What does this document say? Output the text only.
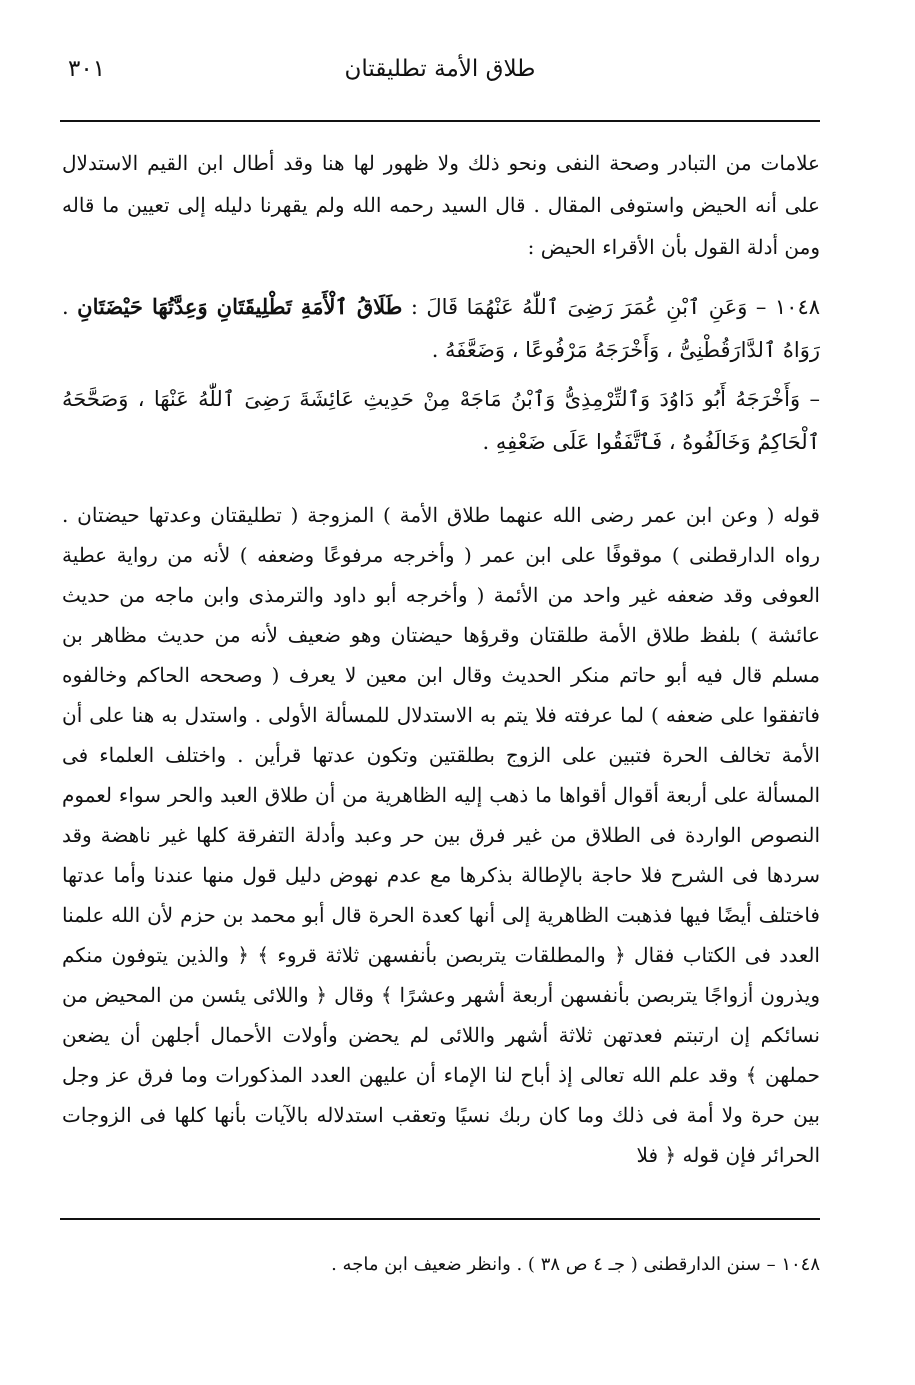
طلاق الأمة تطليقتان
٣٠١

علامات من التبادر وصحة النفى ونحو ذلك ولا ظهور لها هنا وقد أطال ابن القيم الاستدلال على أنه الحيض واستوفى المقال . قال السيد رحمه الله ولم يقهرنا دليله إلى تعيين ما قاله ومن أدلة القول بأن الأقراء الحيض :

١٠٤٨ – وَعَنِ ٱبْنِ عُمَرَ رَضِىَ ٱللّٰهُ عَنْهُمَا قَالَ : طَلَاقُ ٱلْأَمَةِ تَطْلِيقَتَانِ وَعِدَّتُهَا حَيْضَتَانِ . رَوَاهُ ٱلدَّارَقُطْنِىُّ ، وَأَخْرَجَهُ مَرْفُوعًا ، وَضَعَّفَهُ .

– وَأَخْرَجَهُ أَبُو دَاوُدَ وَٱلتِّرْمِذِىُّ وَٱبْنُ مَاجَهْ مِنْ حَدِيثِ عَائِشَةَ رَضِىَ ٱللّٰهُ عَنْهَا ، وَصَحَّحَهُ ٱلْحَاكِمُ وَخَالَفُوهُ ، فَٱتَّفَقُوا عَلَى ضَعْفِهِ .

قوله ( وعن ابن عمر رضى الله عنهما طلاق الأمة ) المزوجة ( تطليقتان وعدتها حيضتان . رواه الدارقطنى ) موقوفًا على ابن عمر ( وأخرجه مرفوعًا وضعفه ) لأنه من رواية عطية العوفى وقد ضعفه غير واحد من الأئمة ( وأخرجه أبو داود والترمذى وابن ماجه من حديث عائشة ) بلفظ طلاق الأمة طلقتان وقرؤها حيضتان وهو ضعيف لأنه من حديث مظاهر بن مسلم قال فيه أبو حاتم منكر الحديث وقال ابن معين لا يعرف ( وصححه الحاكم وخالفوه فاتفقوا على ضعفه ) لما عرفته فلا يتم به الاستدلال للمسألة الأولى . واستدل به هنا على أن الأمة تخالف الحرة فتبين على الزوج بطلقتين وتكون عدتها قرأين . واختلف العلماء فى المسألة على أربعة أقوال أقواها ما ذهب إليه الظاهرية من أن طلاق العبد والحر سواء لعموم النصوص الواردة فى الطلاق من غير فرق بين حر وعبد وأدلة التفرقة كلها غير ناهضة وقد سردها فى الشرح فلا حاجة بالإطالة بذكرها مع عدم نهوض دليل قول منها عندنا وأما عدتها فاختلف أيضًا فيها فذهبت الظاهرية إلى أنها كعدة الحرة قال أبو محمد بن حزم لأن الله علمنا العدد فى الكتاب فقال ﴿ والمطلقات يتربصن بأنفسهن ثلاثة قروء ﴾ ﴿ والذين يتوفون منكم ويذرون أزواجًا يتربصن بأنفسهن أربعة أشهر وعشرًا ﴾ وقال ﴿ واللائى يئسن من المحيض من نسائكم إن ارتبتم فعدتهن ثلاثة أشهر واللائى لم يحضن وأولات الأحمال أجلهن أن يضعن حملهن ﴾ وقد علم الله تعالى إذ أباح لنا الإماء أن عليهن العدد المذكورات وما فرق عز وجل بين حرة ولا أمة فى ذلك وما كان ربك نسيًا وتعقب استدلاله بالآيات بأنها كلها فى الزوجات الحرائر فإن قوله ﴿ فلا

١٠٤٨ – سنن الدارقطنى ( جـ ٤ ص ٣٨ ) . وانظر ضعيف ابن ماجه .
